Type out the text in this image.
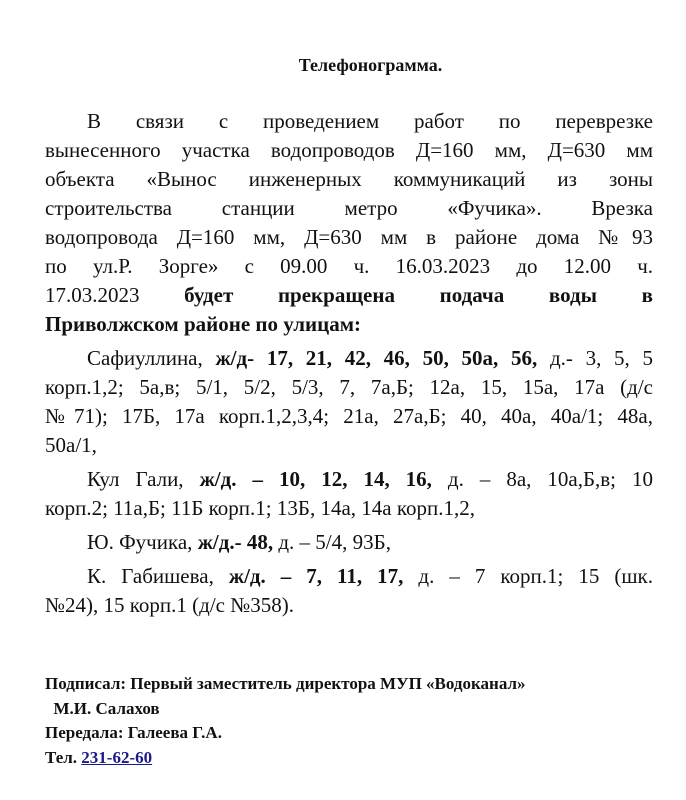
Телефонограмма.
В связи с проведением работ по переврезке
вынесенного участка водопроводов Д=160 мм, Д=630 мм
объекта «Вынос инженерных коммуникаций из зоны
строительства станции метро «Фучика». Врезка
водопровода Д=160 мм, Д=630 мм в районе дома №93
по ул.Р. Зорге» с 09.00 ч. 16.03.2023 до 12.00 ч.
17.03.2023 будет прекращена подача воды в
Приволжском районе по улицам:
Сафиуллина, ж/д- 17, 21, 42, 46, 50, 50а, 56, д.- 3, 5, 5
корп.1,2; 5а,в; 5/1, 5/2, 5/3, 7, 7а,Б; 12а, 15, 15а, 17а (д/с
№71); 17Б, 17а корп.1,2,3,4; 21а, 27а,Б; 40, 40а, 40а/1; 48а,
50а/1,
Кул Гали, ж/д. – 10, 12, 14, 16, д. – 8а, 10а,Б,в; 10
корп.2; 11а,Б; 11Б корп.1; 13Б, 14а, 14а корп.1,2,
Ю. Фучика, ж/д.- 48, д. – 5/4, 93Б,
К. Габишева, ж/д. – 7, 11, 17, д. – 7 корп.1; 15 (шк.
№24), 15 корп.1 (д/с №358).
Подписал: Первый заместитель директора МУП «Водоканал»
М.И. Салахов
Передала: Галеева Г.А.
Тел. 231-62-60
